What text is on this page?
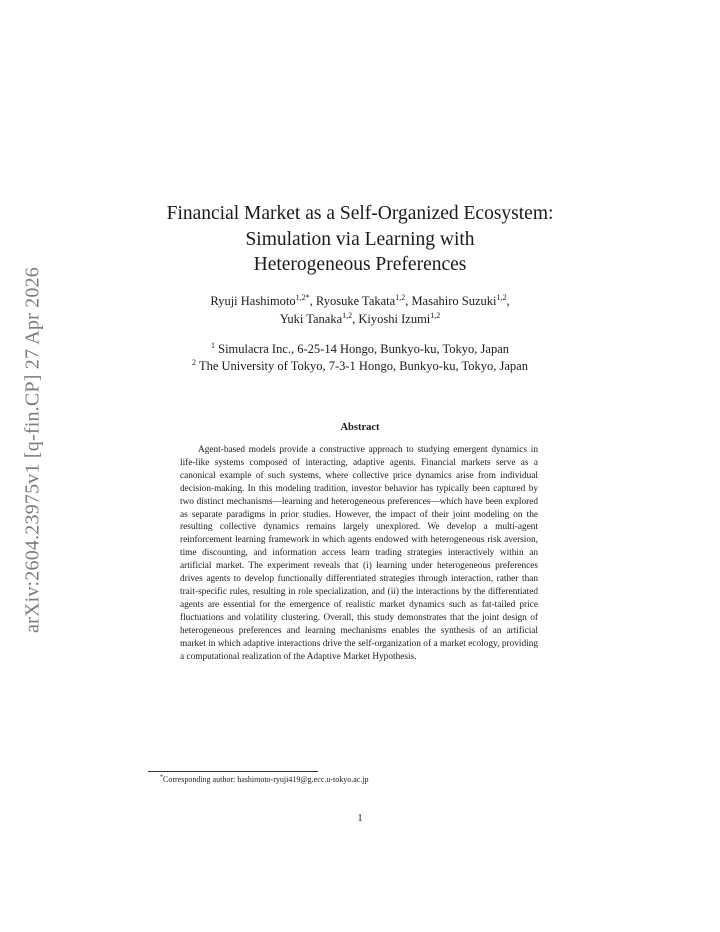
arXiv:2604.23975v1 [q-fin.CP] 27 Apr 2026
Financial Market as a Self-Organized Ecosystem:
Simulation via Learning with
Heterogeneous Preferences
Ryuji Hashimoto$^{1,2*}$, Ryosuke Takata$^{1,2}$, Masahiro Suzuki$^{1,2}$,
Yuki Tanaka$^{1,2}$, Kiyoshi Izumi$^{1,2}$
$^1$ Simulacra Inc., 6-25-14 Hongo, Bunkyo-ku, Tokyo, Japan
$^2$ The University of Tokyo, 7-3-1 Hongo, Bunkyo-ku, Tokyo, Japan
Abstract

Agent-based models provide a constructive approach to studying emergent dynamics in life-like systems composed of interacting, adaptive agents. Financial markets serve as a canonical example of such systems, where collective price dynamics arise from individual decision-making. In this modeling tradition, investor behavior has typically been captured by two distinct mechanisms—learning and heterogeneous preferences—which have been explored as separate paradigms in prior studies. However, the impact of their joint modeling on the resulting collective dynamics remains largely unexplored. We develop a multi-agent reinforcement learning framework in which agents endowed with heterogeneous risk aversion, time discounting, and information access learn trading strategies interactively within an artificial market. The experiment reveals that (i) learning under heterogeneous preferences drives agents to develop functionally differentiated strategies through interaction, rather than trait-specific rules, resulting in role specialization, and (ii) the interactions by the differentiated agents are essential for the emergence of realistic market dynamics such as fat-tailed price fluctuations and volatility clustering. Overall, this study demonstrates that the joint design of heterogeneous preferences and learning mechanisms enables the synthesis of an artificial market in which adaptive interactions drive the self-organization of a market ecology, providing a computational realization of the Adaptive Market Hypothesis.

*Corresponding author: hashimoto-ryuji419@g.ecc.u-tokyo.ac.jp
1
